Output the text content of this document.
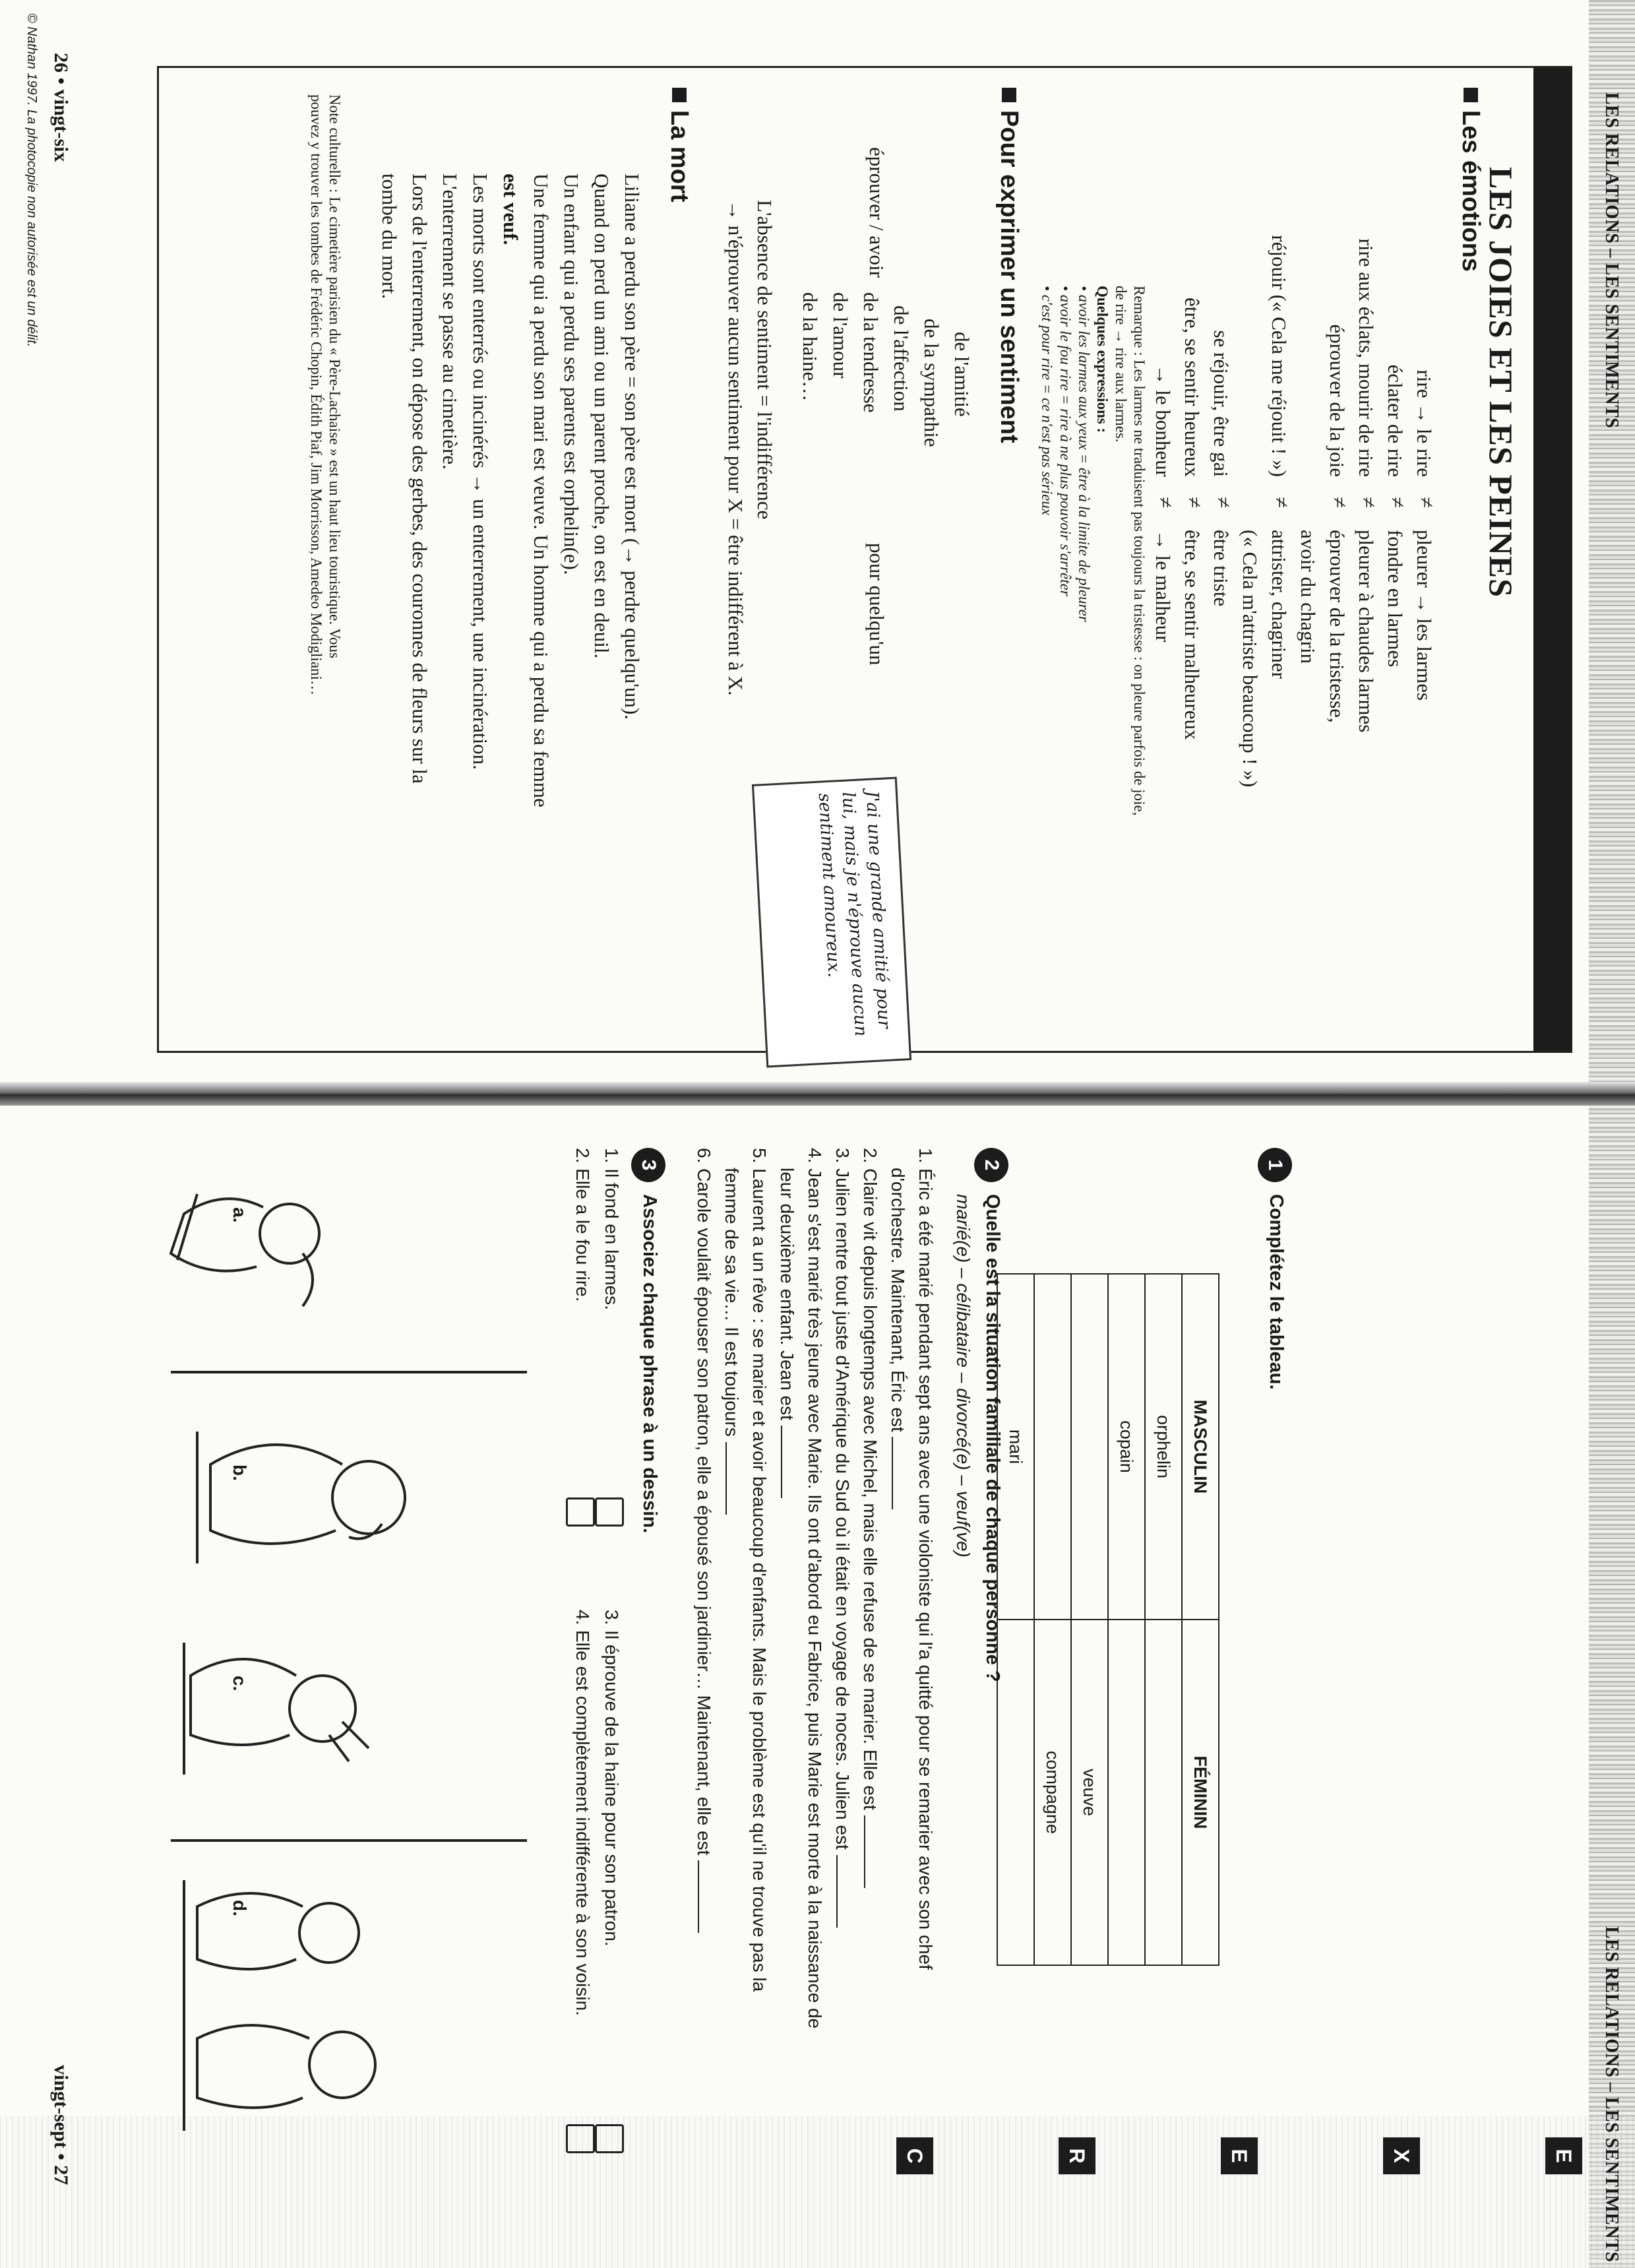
LES RELATIONS – LES SENTIMENTS
LES JOIES ET LES PEINES
Les émotions
rire → le rire
≠
pleurer → les larmes
éclater de rire
≠
fondre en larmes
rire aux éclats, mourir de rire
≠
pleurer à chaudes larmes
éprouver de la joie
≠
éprouver de la tristesse,
avoir du chagrin
réjouir (« Cela me réjouit ! »)
≠
attrister, chagriner
(« Cela m'attriste beaucoup ! »)
se réjouir, être gai
≠
être triste
être, se sentir heureux
≠
être, se sentir malheureux
→ le bonheur
≠
→ le malheur
Remarque : Les larmes ne traduisent pas toujours la tristesse : on pleure parfois de joie,
de rire → rire aux larmes.
Quelques expressions :
• avoir les larmes aux yeux = être à la limite de pleurer
• avoir le fou rire = rire à ne plus pouvoir s'arrêter
• c'est pour rire = ce n'est pas sérieux
Pour exprimer un sentiment
éprouver / avoir
de l'amitié
de la sympathie
de l'affection
de la tendresse
de l'amour
de la haine…
pour quelqu'un
J'ai une grande amitié pour lui, mais je n'éprouve aucun sentiment amoureux.
L'absence de sentiment = l'indifférence
→ n'éprouver aucun sentiment pour X = être indifférent à X.
La mort
Liliane a perdu son père = son père est mort (→ perdre quelqu'un).
Quand on perd un ami ou un parent proche, on est en deuil.
Un enfant qui a perdu ses parents est orphelin(e).
Une femme qui a perdu son mari est veuve. Un homme qui a perdu sa femme
est veuf.
Les morts sont enterrés ou incinérés → un enterrement, une incinération.
L'enterrement se passe au cimetière.
Lors de l'enterrement, on dépose des gerbes, des couronnes de fleurs sur la
tombe du mort.
Note culturelle : Le cimetière parisien du « Père-Lachaise » est un haut lieu touristique. Vous
pouvez y trouver les tombes de Frédéric Chopin, Édith Piaf, Jim Morrisson, Amedeo Modigliani…
26 • vingt-six
© Nathan 1997. La photocopie non autorisée est un délit.
LES RELATIONS – LES SENTIMENTS
E
X
E
R
C
1
Complétez le tableau.
MASCULIN	FÉMININ
orphelin	
copain	
	veuve
	compagne
mari	
2
Quelle est la situation familiale de chaque personne ?
marié(e) – célibataire – divorcé(e) – veuf(ve)
1. Éric a été marié pendant sept ans avec une violoniste qui l'a quitté pour se remarier avec son chef
d'orchestre. Maintenant, Éric est
2. Claire vit depuis longtemps avec Michel, mais elle refuse de se marier. Elle est
3. Julien rentre tout juste d'Amérique du Sud où il était en voyage de noces. Julien est
4. Jean s'est marié très jeune avec Marie. Ils ont d'abord eu Fabrice, puis Marie est morte à la naissance de
leur deuxième enfant. Jean est
5. Laurent a un rêve : se marier et avoir beaucoup d'enfants. Mais le problème est qu'il ne trouve pas la
femme de sa vie… Il est toujours
6. Carole voulait épouser son patron, elle a épousé son jardinier… Maintenant, elle est
3
Associez chaque phrase à un dessin.
1. Il fond en larmes.
2. Elle a le fou rire.
3. Il éprouve de la haine pour son patron.
4. Elle est complètement indifférente à son voisin.
a.
b.
c.
d.
vingt-sept • 27
